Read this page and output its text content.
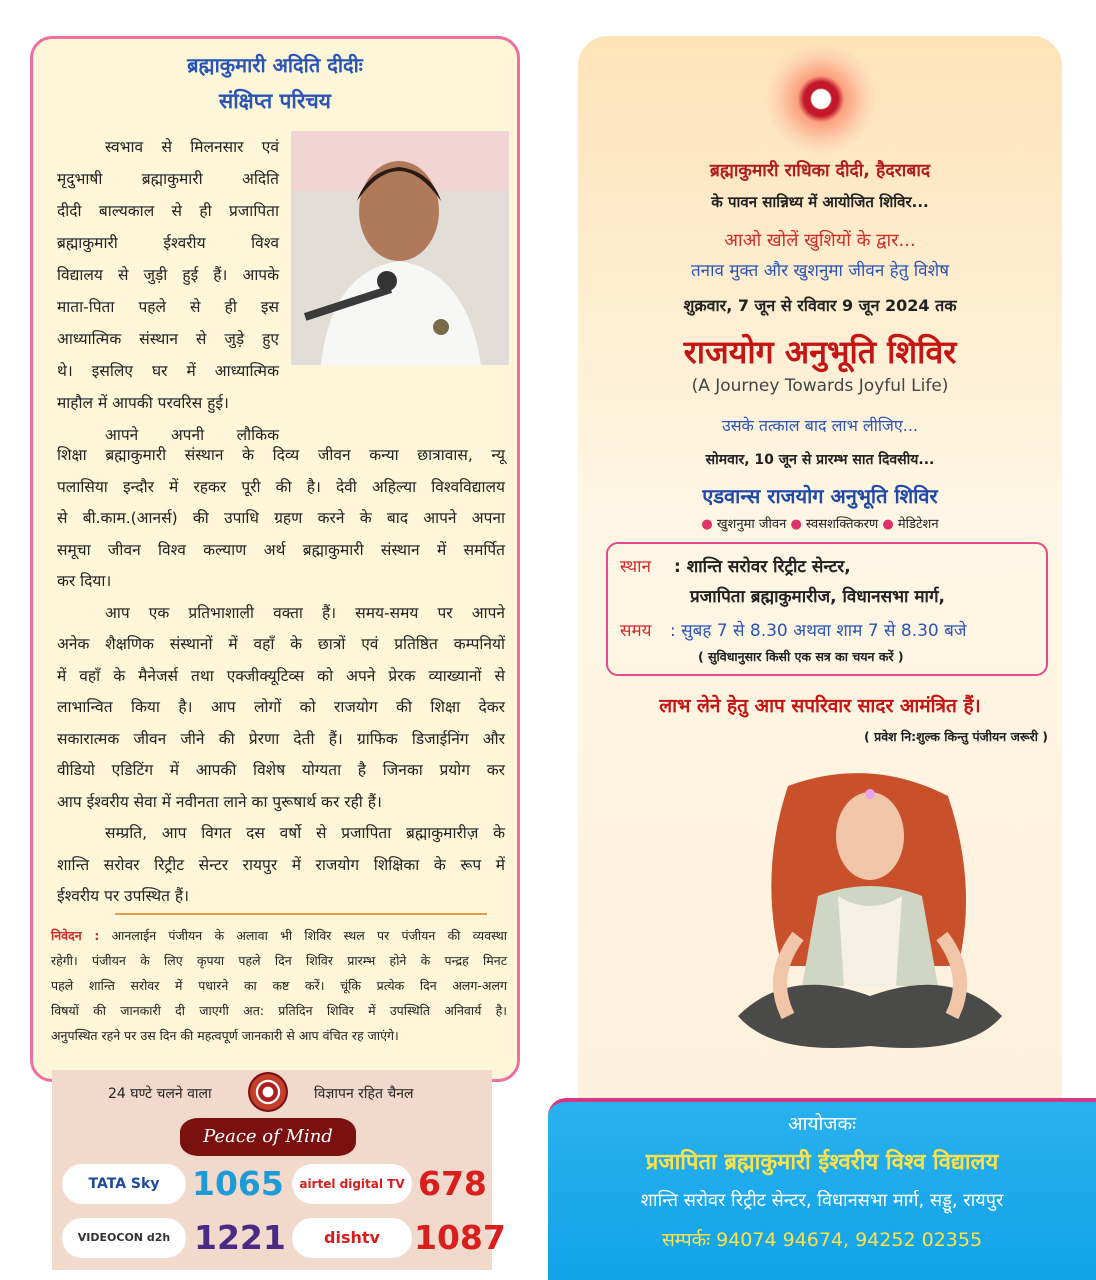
ब्रह्माकुमारी अदिति दीदीः
संक्षिप्त परिचय
स्वभाव से मिलनसार एवं
मृदुभाषी ब्रह्माकुमारी अदिति
दीदी बाल्यकाल से ही प्रजापिता
ब्रह्माकुमारी ईश्वरीय विश्व
विद्यालय से जुड़ी हुई हैं। आपके
माता-पिता पहले से ही इस
आध्यात्मिक संस्थान से जुड़े हुए
थे। इसलिए घर में आध्यात्मिक
माहौल में आपकी परवरिस हुई।
आपने अपनी लौकिक
शिक्षा ब्रह्माकुमारी संस्थान के दिव्य जीवन कन्या छात्रावास, न्यू
पलासिया इन्दौर में रहकर पूरी की है। देवी अहिल्या विश्वविद्यालय
से बी.काम.(आनर्स) की उपाधि ग्रहण करने के बाद आपने अपना
समूचा जीवन विश्व कल्याण अर्थ ब्रह्माकुमारी संस्थान में समर्पित
कर दिया।
आप एक प्रतिभाशाली वक्ता हैं। समय-समय पर आपने
अनेक शैक्षणिक संस्थानों में वहाँ के छात्रों एवं प्रतिष्ठित कम्पनियों
में वहाँ के मैनेजर्स तथा एक्जीक्यूटिव्स को अपने प्रेरक व्याख्यानों से
लाभान्वित किया है। आप लोगों को राजयोग की शिक्षा देकर
सकारात्मक जीवन जीने की प्रेरणा देती हैं। ग्राफिक डिजाईनिंग और
वीडियो एडिटिंग में आपकी विशेष योग्यता है जिनका प्रयोग कर
आप ईश्वरीय सेवा में नवीनता लाने का पुरूषार्थ कर रही हैं।
सम्प्रति, आप विगत दस वर्षो से प्रजापिता ब्रह्माकुमारीज़ के
शान्ति सरोवर रिट्रीट सेन्टर रायपुर में राजयोग शिक्षिका के रूप में
ईश्वरीय पर उपस्थित हैं।
निवेदन : आनलाईन पंजीयन के अलावा भी शिविर स्थल पर पंजीयन की व्यवस्था
रहेगी। पंजीयन के लिए कृपया पहले दिन शिविर प्रारम्भ होने के पन्द्रह मिनट
पहले शान्ति सरोवर में पधारने का कष्ट करें। चूंकि प्रत्येक दिन अलग-अलग
विषयों की जानकारी दी जाएगी अत: प्रतिदिन शिविर में उपस्थिति अनिवार्य है।
अनुपस्थित रहने पर उस दिन की महत्वपूर्ण जानकारी से आप वंचित रह जाएंगे।
24 घण्टे चलने वाला	विज्ञापन रहित चैनल
Peace of Mind
TATA Sky 1065	airtel digital TV 678
VIDEOCON d2h 1221	dishtv	1087
ब्रह्माकुमारी राधिका दीदी, हैदराबाद
के पावन सान्निध्य में आयोजित शिविर...
आओ खोलें खुशियों के द्वार...
तनाव मुक्त और खुशनुमा जीवन हेतु विशेष
शुक्रवार, 7 जून से रविवार 9 जून 2024 तक
राजयोग अनुभूति शिविर
(A Journey Towards Joyful Life)
उसके तत्काल बाद लाभ लीजिए...
सोमवार, 10 जून से प्रारम्भ सात दिवसीय...
एडवान्स राजयोग अनुभूति शिविर
● खुशनुमा जीवन ● स्वसशक्तिकरण ● मेडिटेशन
स्थान : शान्ति सरोवर रिट्रीट सेन्टर,
प्रजापिता ब्रह्माकुमारीज, विधानसभा मार्ग,
समय : सुबह 7 से 8.30 अथवा शाम 7 से 8.30 बजे
( सुविधानुसार किसी एक सत्र का चयन करें )
लाभ लेने हेतु आप सपरिवार सादर आमंत्रित हैं।
( प्रवेश नि:शुल्क किन्तु पंजीयन जरूरी )
आयोजकः
प्रजापिता ब्रह्माकुमारी ईश्वरीय विश्व विद्यालय
शान्ति सरोवर रिट्रीट सेन्टर, विधानसभा मार्ग, सड्डू, रायपुर
सम्पर्कः 94074 94674, 94252 02355
